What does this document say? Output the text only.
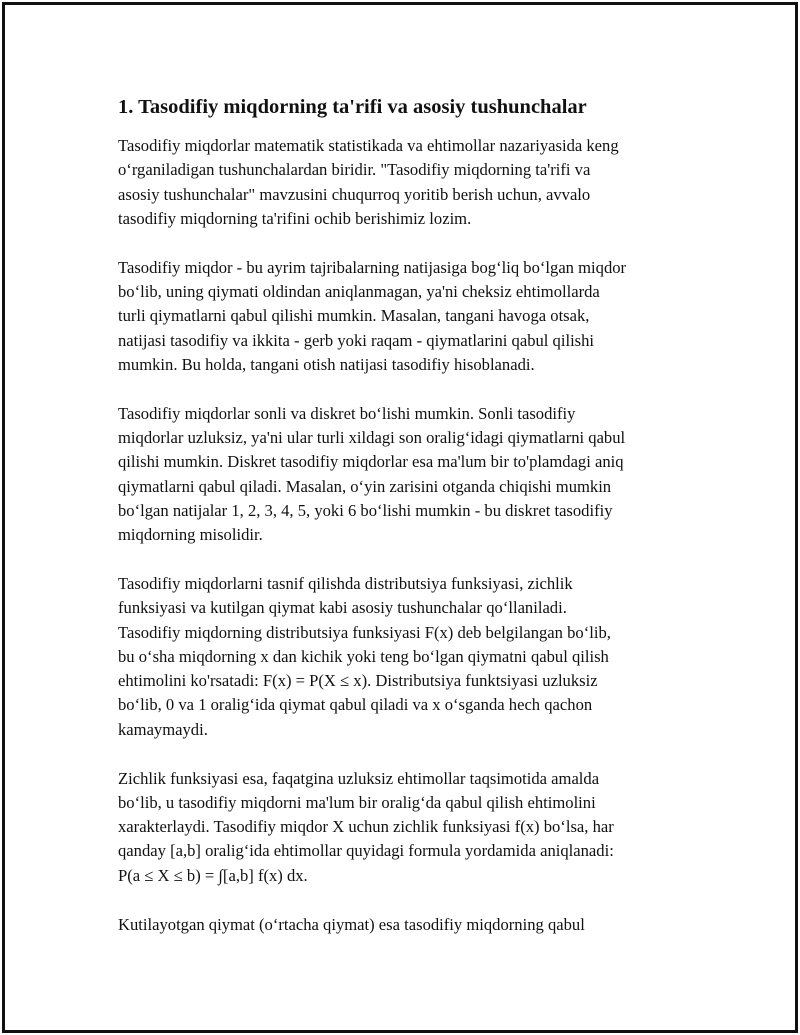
1. Tasodifiy miqdorning ta'rifi va asosiy tushunchalar

Tasodifiy miqdorlar matematik statistikada va ehtimollar nazariyasida keng
o‘rganiladigan tushunchalardan biridir. "Tasodifiy miqdorning ta'rifi va
asosiy tushunchalar" mavzusini chuqurroq yoritib berish uchun, avvalo
tasodifiy miqdorning ta'rifini ochib berishimiz lozim.

Tasodifiy miqdor - bu ayrim tajribalarning natijasiga bog‘liq bo‘lgan miqdor
bo‘lib, uning qiymati oldindan aniqlanmagan, ya'ni cheksiz ehtimollarda
turli qiymatlarni qabul qilishi mumkin. Masalan, tangani havoga otsak,
natijasi tasodifiy va ikkita - gerb yoki raqam - qiymatlarini qabul qilishi
mumkin. Bu holda, tangani otish natijasi tasodifiy hisoblanadi.

Tasodifiy miqdorlar sonli va diskret bo‘lishi mumkin. Sonli tasodifiy
miqdorlar uzluksiz, ya'ni ular turli xildagi son oralig‘idagi qiymatlarni qabul
qilishi mumkin. Diskret tasodifiy miqdorlar esa ma'lum bir to'plamdagi aniq
qiymatlarni qabul qiladi. Masalan, o‘yin zarisini otganda chiqishi mumkin
bo‘lgan natijalar 1, 2, 3, 4, 5, yoki 6 bo‘lishi mumkin - bu diskret tasodifiy
miqdorning misolidir.

Tasodifiy miqdorlarni tasnif qilishda distributsiya funksiyasi, zichlik
funksiyasi va kutilgan qiymat kabi asosiy tushunchalar qo‘llaniladi.
Tasodifiy miqdorning distributsiya funksiyasi F(x) deb belgilangan bo‘lib,
bu o‘sha miqdorning x dan kichik yoki teng bo‘lgan qiymatni qabul qilish
ehtimolini ko'rsatadi: F(x) = P(X ≤ x). Distributsiya funktsiyasi uzluksiz
bo‘lib, 0 va 1 oralig‘ida qiymat qabul qiladi va x o‘sganda hech qachon
kamaymaydi.

Zichlik funksiyasi esa, faqatgina uzluksiz ehtimollar taqsimotida amalda
bo‘lib, u tasodifiy miqdorni ma'lum bir oralig‘da qabul qilish ehtimolini
xarakterlaydi. Tasodifiy miqdor X uchun zichlik funksiyasi f(x) bo‘lsa, har
qanday [a,b] oralig‘ida ehtimollar quyidagi formula yordamida aniqlanadi:
P(a ≤ X ≤ b) = ∫[a,b] f(x) dx.

Kutilayotgan qiymat (o‘rtacha qiymat) esa tasodifiy miqdorning qabul
